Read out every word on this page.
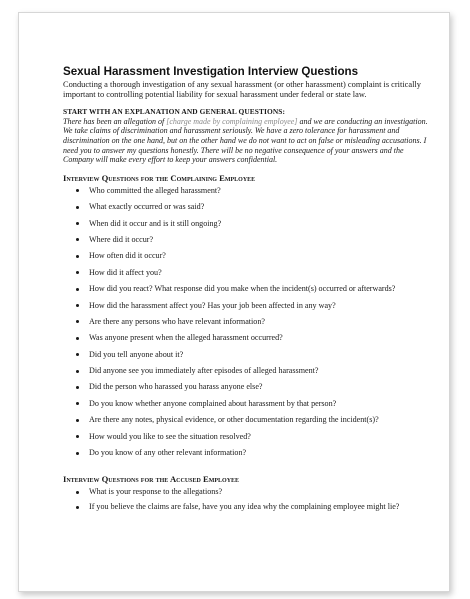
Sexual Harassment Investigation Interview Questions

Conducting a thorough investigation of any sexual harassment (or other harassment) complaint is critically important to controlling potential liability for sexual harassment under federal or state law.

START WITH AN EXPLANATION AND GENERAL QUESTIONS:

There has been an allegation of [charge made by complaining employee] and we are conducting an investigation. We take claims of discrimination and harassment seriously. We have a zero tolerance for harassment and discrimination on the one hand, but on the other hand we do not want to act on false or misleading accusations. I need you to answer my questions honestly. There will be no negative consequence of your answers and the Company will make every effort to keep your answers confidential.

Interview Questions for the Complaining Employee

Who committed the alleged harassment?
What exactly occurred or was said?
When did it occur and is it still ongoing?
Where did it occur?
How often did it occur?
How did it affect you?
How did you react? What response did you make when the incident(s) occurred or afterwards?
How did the harassment affect you? Has your job been affected in any way?
Are there any persons who have relevant information?
Was anyone present when the alleged harassment occurred?
Did you tell anyone about it?
Did anyone see you immediately after episodes of alleged harassment?
Did the person who harassed you harass anyone else?
Do you know whether anyone complained about harassment by that person?
Are there any notes, physical evidence, or other documentation regarding the incident(s)?
How would you like to see the situation resolved?
Do you know of any other relevant information?

Interview Questions for the Accused Employee

What is your response to the allegations?
If you believe the claims are false, have you any idea why the complaining employee might lie?
